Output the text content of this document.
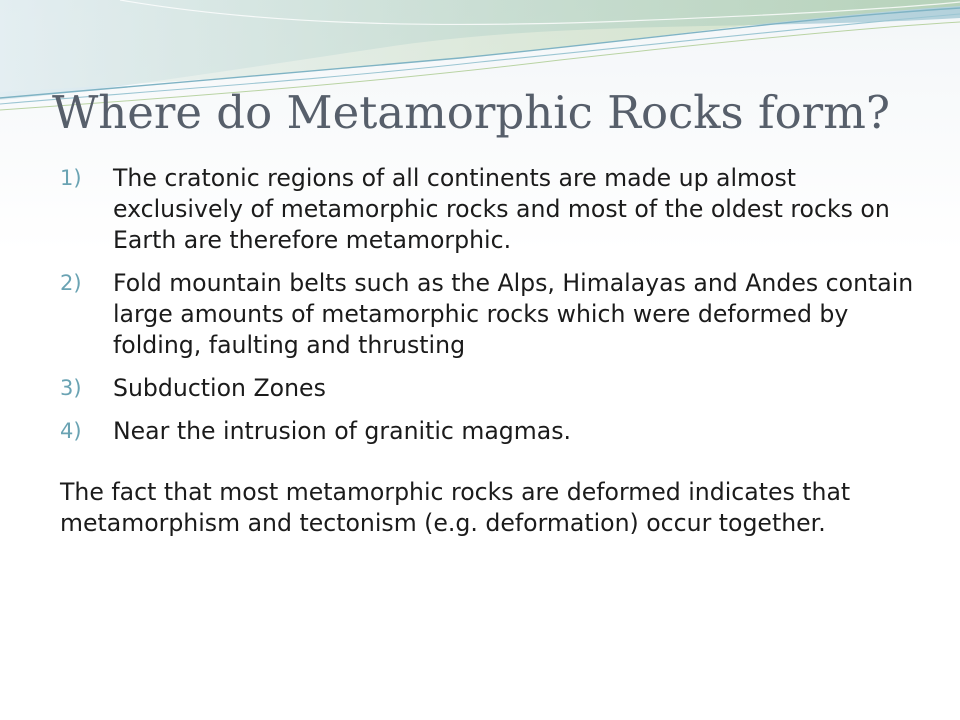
Where do Metamorphic Rocks form?
1) The cratonic regions of all continents are made up almost exclusively of metamorphic rocks and most of the oldest rocks on Earth are therefore metamorphic.
2) Fold mountain belts such as the Alps, Himalayas and Andes contain large amounts of metamorphic rocks which were deformed by folding, faulting and thrusting
3) Subduction Zones
4) Near the intrusion of granitic magmas.

The fact that most metamorphic rocks are deformed indicates that metamorphism and tectonism (e.g. deformation) occur together.
